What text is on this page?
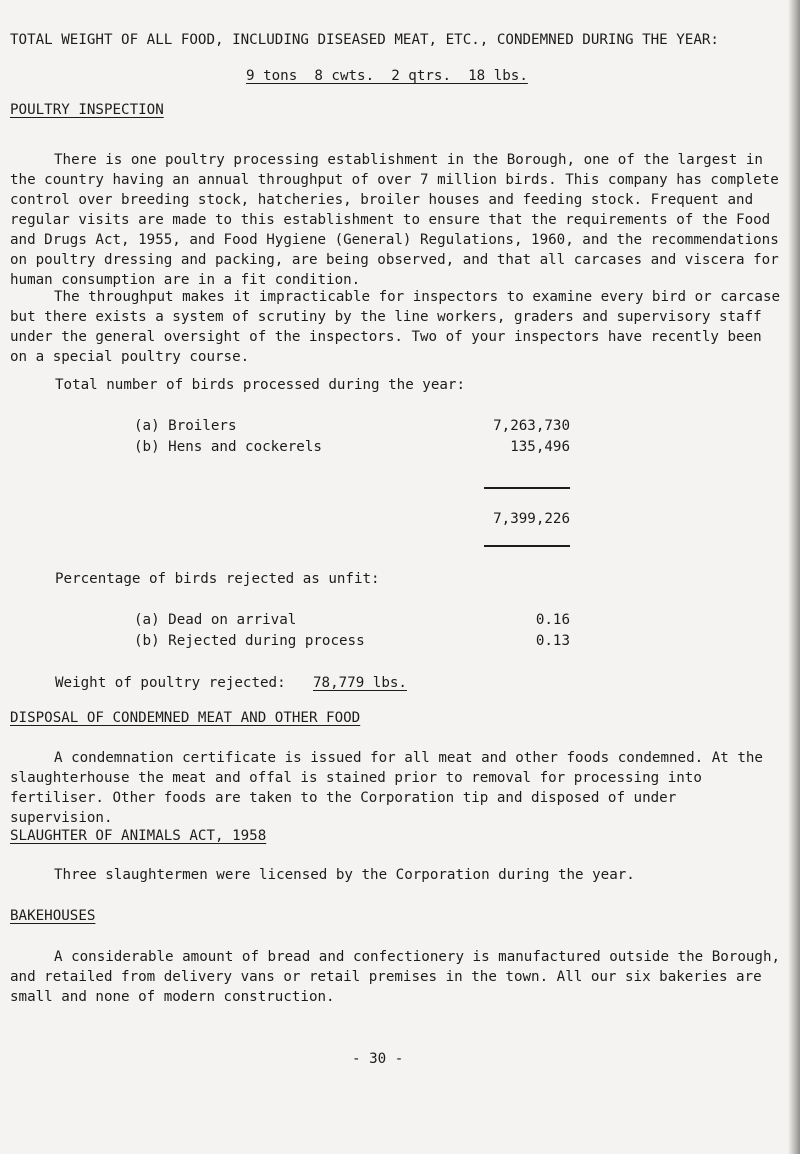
TOTAL WEIGHT OF ALL FOOD, INCLUDING DISEASED MEAT, ETC., CONDEMNED DURING THE YEAR:
9 tons  8 cwts.  2 qtrs.  18 lbs.
POULTRY INSPECTION
There is one poultry processing establishment in the Borough, one of the largest in the country having an annual throughput of over 7 million birds. This company has complete control over breeding stock, hatcheries, broiler houses and feeding stock. Frequent and regular visits are made to this establishment to ensure that the requirements of the Food and Drugs Act, 1955, and Food Hygiene (General) Regulations, 1960, and the recommendations on poultry dressing and packing, are being observed, and that all carcases and viscera for human consumption are in a fit condition.
The throughput makes it impracticable for inspectors to examine every bird or carcase but there exists a system of scrutiny by the line workers, graders and supervisory staff under the general oversight of the inspectors. Two of your inspectors have recently been on a special poultry course.
Total number of birds processed during the year:
(a) Broilers	7,263,730
(b) Hens and cockerels	135,496
7,399,226
Percentage of birds rejected as unfit:
(a) Dead on arrival	0.16
(b) Rejected during process	0.13
Weight of poultry rejected: 78,779 lbs.
DISPOSAL OF CONDEMNED MEAT AND OTHER FOOD
A condemnation certificate is issued for all meat and other foods condemned. At the slaughterhouse the meat and offal is stained prior to removal for processing into fertiliser. Other foods are taken to the Corporation tip and disposed of under supervision.
SLAUGHTER OF ANIMALS ACT, 1958
Three slaughtermen were licensed by the Corporation during the year.
BAKEHOUSES
A considerable amount of bread and confectionery is manufactured outside the Borough, and retailed from delivery vans or retail premises in the town. All our six bakeries are small and none of modern construction.
- 30 -
